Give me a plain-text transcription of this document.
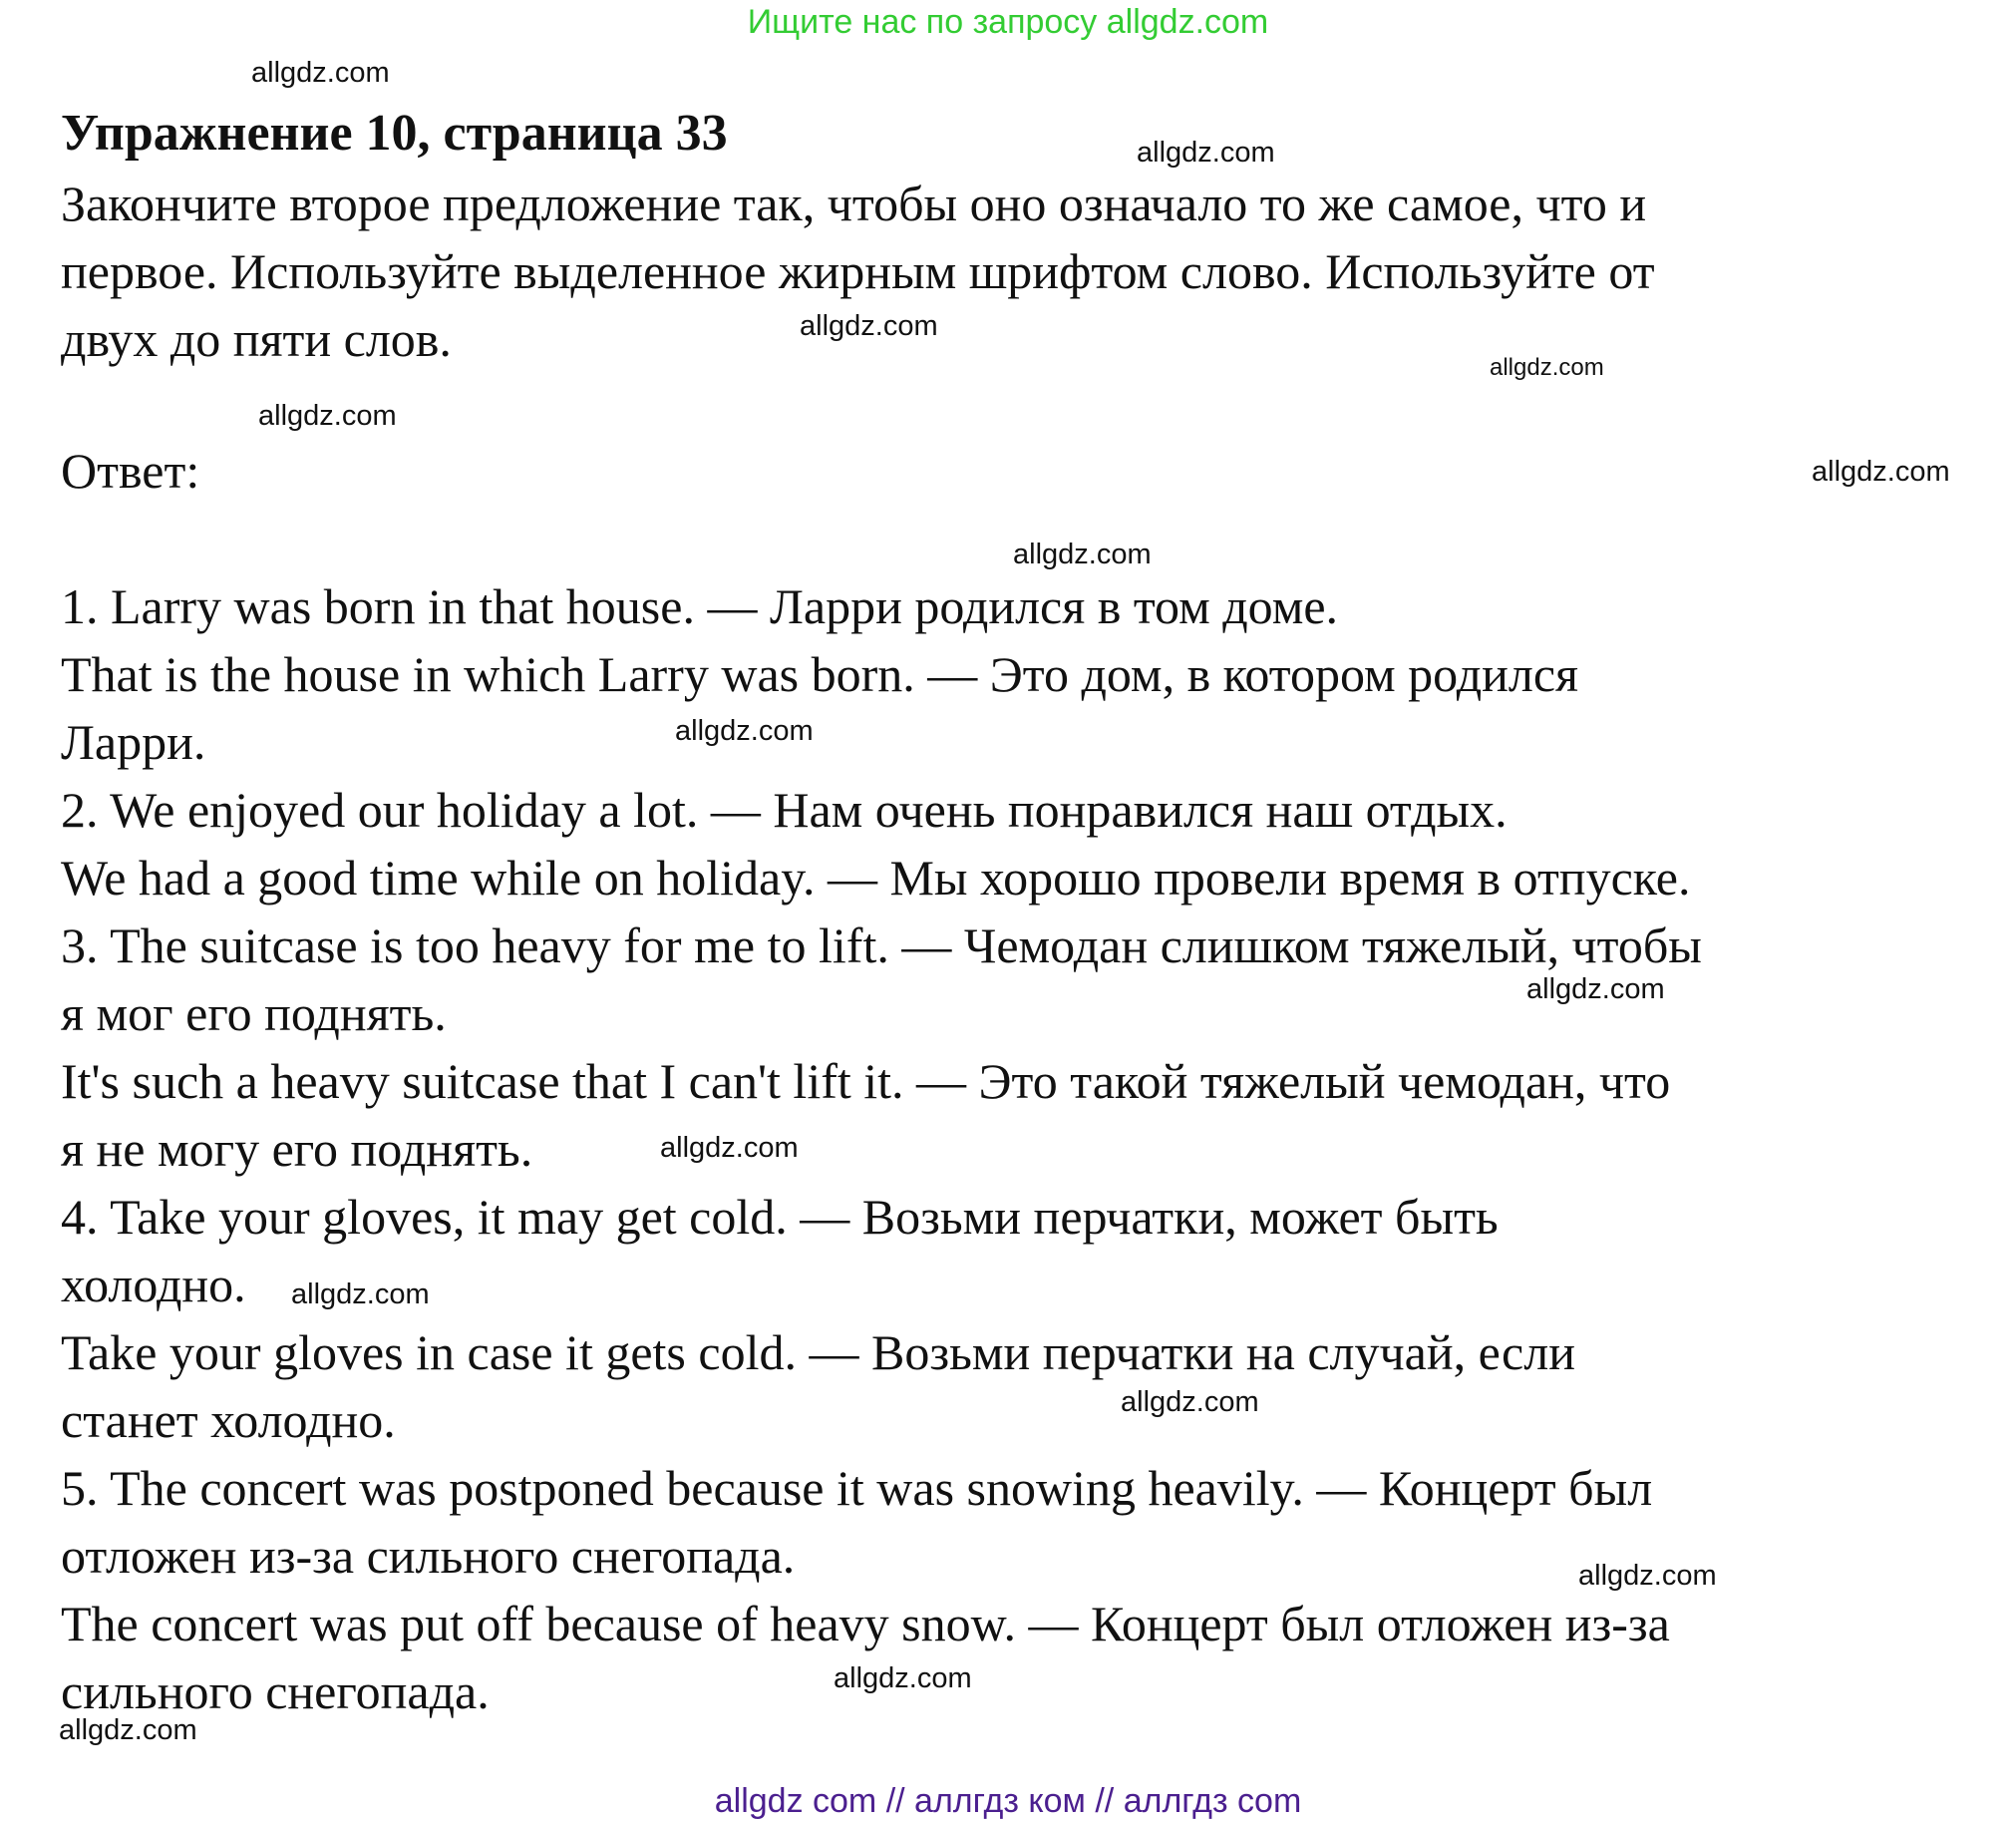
Ищите нас по запросу allgdz.com
Упражнение 10, страница 33

Закончите второе предложение так, чтобы оно означало то же самое, что и

первое. Используйте выделенное жирным шрифтом слово. Используйте от

двух до пяти слов.

Ответ:

1. Larry was born in that house. — Ларри родился в том доме.

That is the house in which Larry was born. — Это дом, в котором родился

Ларри.

2. We enjoyed our holiday a lot. — Нам очень понравился наш отдых.

We had a good time while on holiday. — Мы хорошо провели время в отпуске.

3. The suitcase is too heavy for me to lift. — Чемодан слишком тяжелый, чтобы

я мог его поднять.

It's such a heavy suitcase that I can't lift it. — Это такой тяжелый чемодан, что

я не могу его поднять.

4. Take your gloves, it may get cold. — Возьми перчатки, может быть

холодно.

Take your gloves in case it gets cold. — Возьми перчатки на случай, если

станет холодно.

5. The concert was postponed because it was snowing heavily. — Концерт был

отложен из-за сильного снегопада.

The concert was put off because of heavy snow. — Концерт был отложен из-за

сильного снегопада.

allgdz.com
allgdz.com
allgdz.com
allgdz.com
allgdz.com
allgdz.com
allgdz.com
allgdz.com
allgdz.com
allgdz.com
allgdz.com
allgdz.com
allgdz.com
allgdz.com
allgdz.com
allgdz com // аллгдз ком // аллгдз com
